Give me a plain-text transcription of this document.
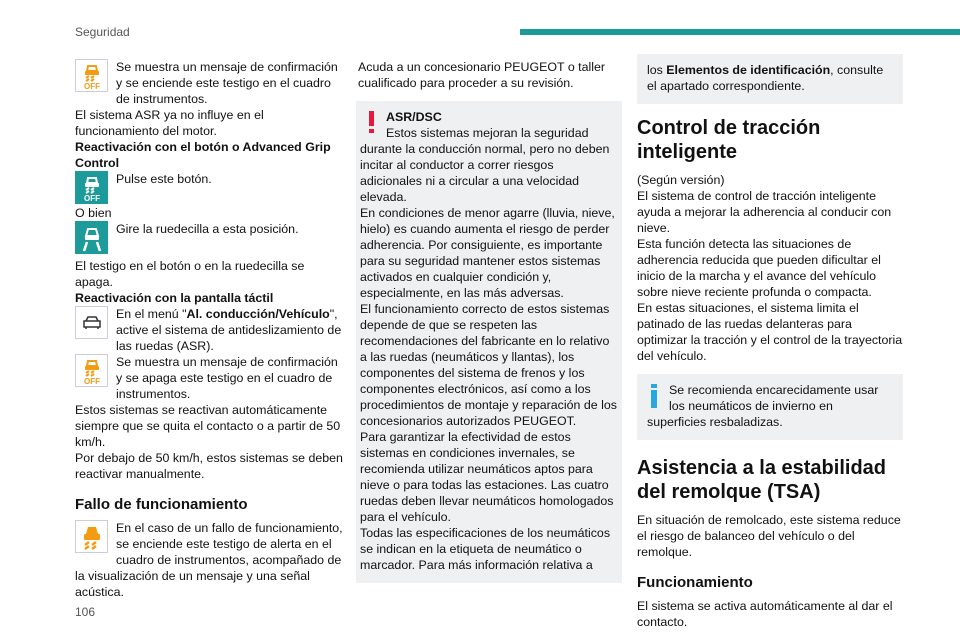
Seguridad
106
OFF

Se muestra un mensaje de confirmación y se enciende este testigo en el cuadro de instrumentos.

El sistema ASR ya no influye en el funcionamiento del motor.

Reactivación con el botón o Advanced Grip Control

OFF

Pulse este botón.

O bien

Gire la ruedecilla a esta posición.

El testigo en el botón o en la ruedecilla se apaga.

Reactivación con la pantalla táctil

En el menú "Al. conducción/Vehículo", active el sistema de antideslizamiento de las ruedas (ASR).

OFF

Se muestra un mensaje de confirmación y se apaga este testigo en el cuadro de instrumentos.

Estos sistemas se reactivan automáticamente siempre que se quita el contacto o a partir de 50 km/h.

Por debajo de 50 km/h, estos sistemas se deben reactivar manualmente.

Fallo de funcionamiento

En el caso de un fallo de funcionamiento, se enciende este testigo de alerta en el cuadro de instrumentos, acompañado de la visualización de un mensaje y una señal acústica.

Acuda a un concesionario PEUGEOT o taller cualificado para proceder a su revisión.

ASR/DSC

Estos sistemas mejoran la seguridad durante la conducción normal, pero no deben incitar al conductor a correr riesgos adicionales ni a circular a una velocidad elevada.

En condiciones de menor agarre (lluvia, nieve, hielo) es cuando aumenta el riesgo de perder adherencia. Por consiguiente, es importante para su seguridad mantener estos sistemas activados en cualquier condición y, especialmente, en las más adversas.

El funcionamiento correcto de estos sistemas depende de que se respeten las recomendaciones del fabricante en lo relativo a las ruedas (neumáticos y llantas), los componentes del sistema de frenos y los componentes electrónicos, así como a los procedimientos de montaje y reparación de los concesionarios autorizados PEUGEOT.

Para garantizar la efectividad de estos sistemas en condiciones invernales, se recomienda utilizar neumáticos aptos para nieve o para todas las estaciones. Las cuatro ruedas deben llevar neumáticos homologados para el vehículo.

Todas las especificaciones de los neumáticos se indican en la etiqueta de neumático o marcador. Para más información relativa a

los Elementos de identificación, consulte el apartado correspondiente.

Control de tracción inteligente

(Según versión)

El sistema de control de tracción inteligente ayuda a mejorar la adherencia al conducir con nieve.

Esta función detecta las situaciones de adherencia reducida que pueden dificultar el inicio de la marcha y el avance del vehículo sobre nieve reciente profunda o compacta.

En estas situaciones, el sistema limita el patinado de las ruedas delanteras para optimizar la tracción y el control de la trayectoria del vehículo.

Se recomienda encarecidamente usar los neumáticos de invierno en superficies resbaladizas.

Asistencia a la estabilidad del remolque (TSA)

En situación de remolcado, este sistema reduce el riesgo de balanceo del vehículo o del remolque.

Funcionamiento

El sistema se activa automáticamente al dar el contacto.
